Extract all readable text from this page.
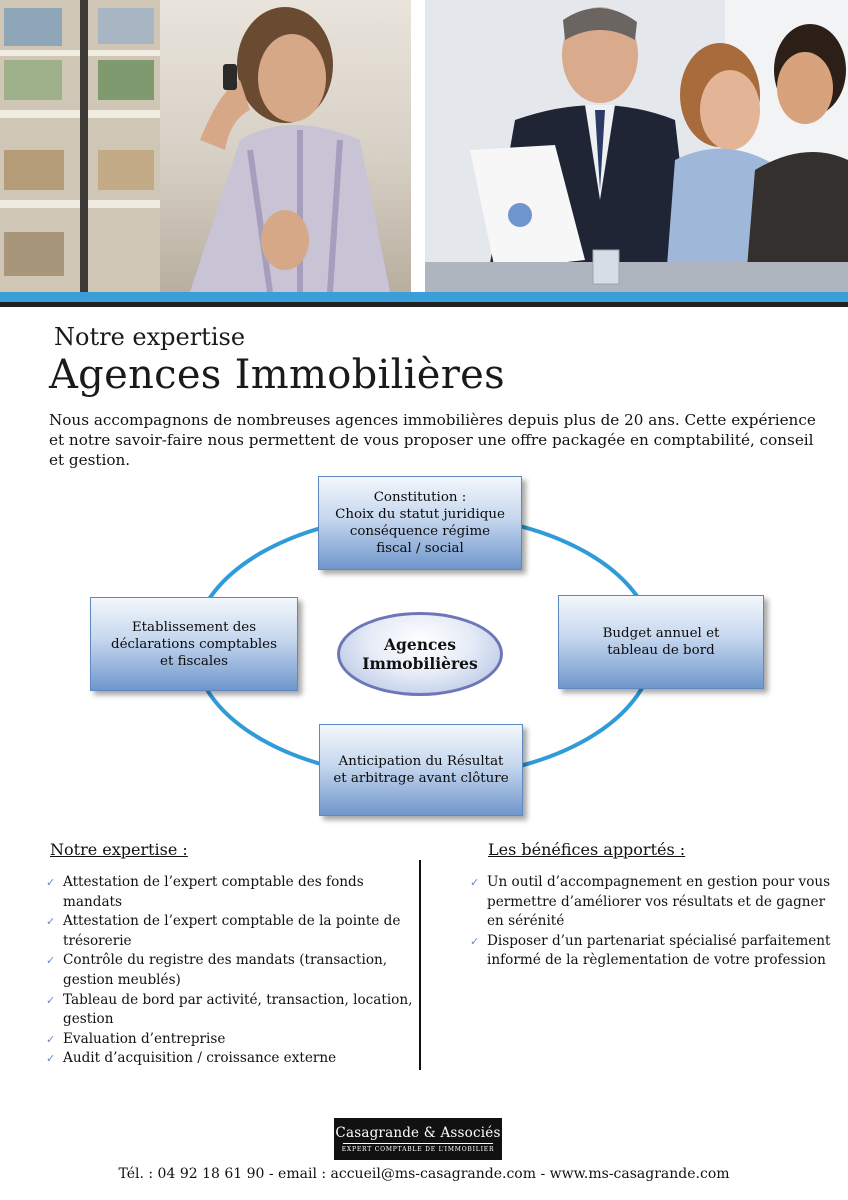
Notre expertise
Agences Immobilières

Nous accompagnons de nombreuses agences immobilières depuis plus de 20 ans. Cette expérience et notre savoir-faire nous permettent de vous proposer une offre packagée en comptabilité, conseil et gestion.

Constitution :
Choix du statut juridique
conséquence régime
fiscal / social
Etablissement des
déclarations comptables
et fiscales
Budget annuel et
tableau de bord
Anticipation du Résultat
et arbitrage avant clôture
Agences
Immobilières
Notre expertise :
✓ Attestation de l’expert comptable des fonds mandats
✓ Attestation de l’expert comptable de la pointe de trésorerie
✓ Contrôle du registre des mandats (transaction, gestion meublés)
✓ Tableau de bord par activité, transaction, location, gestion
✓ Evaluation d’entreprise
✓ Audit d’acquisition / croissance externe
Les bénéfices apportés :
✓ Un outil d’accompagnement en gestion pour vous permettre d’améliorer vos résultats et de gagner en sérénité
✓ Disposer d’un partenariat spécialisé parfaitement informé de la règlementation de votre profession
Casagrande & Associés
EXPERT COMPTABLE DE L’IMMOBILIER
Tél. : 04 92 18 61 90 - email : accueil@ms-casagrande.com - www.ms-casagrande.com
